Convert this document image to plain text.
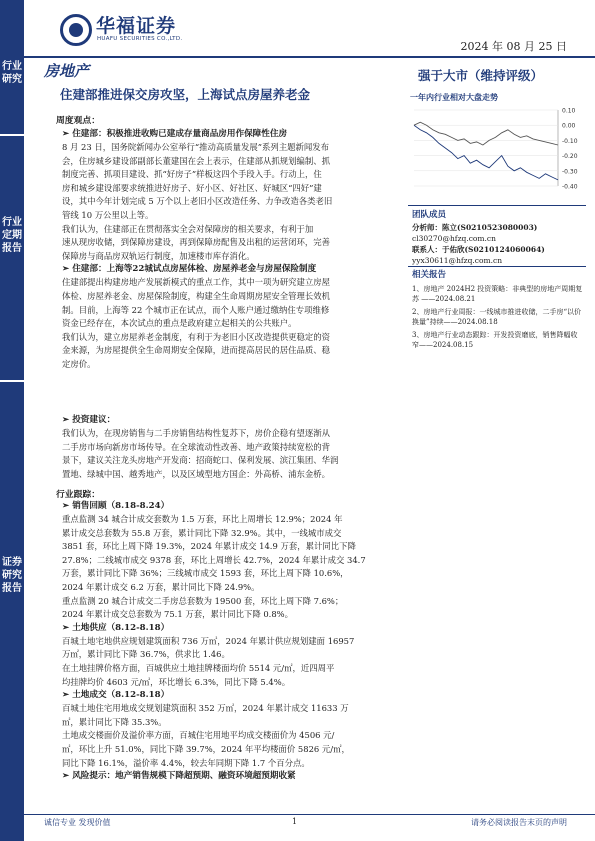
行业研究
行业定期报告
证券研究报告
华福证券
HUAFU SECURITIES CO.,LTD.
2024 年 08 月 25 日
房地产
住建部推进保交房攻坚，上海试点房屋养老金
周度观点：
➢ 住建部：积极推进收购已建成存量商品房用作保障性住房
8 月 23 日，国务院新闻办公室举行“推动高质量发展”系列主题新闻发布
会，住房城乡建设部副部长董建国在会上表示，住建部从抓规划编制、抓
制度完善、抓项目建设、抓“好房子”样板这四个手段入手。行动上，住
房和城乡建设部要求统推进好房子、好小区、好社区、好城区“四好”建
设，其中今年计划完成 5 万个以上老旧小区改造任务、力争改造各类老旧
管线 10 万公里以上等。
我们认为，住建部正在贯彻落实全会对保障房的相关要求，有利于加
速从现房收储，到保障房建设，再到保障房配售及出租的运营闭环，完善
保障房与商品房双轨运行制度，加速楼市库存消化。
➢ 住建部：上海等22城试点房屋体检、房屋养老金与房屋保险制度
住建部提出构建房地产发展新模式的重点工作，其中一项为研究建立房屋
体检、房屋养老金、房屋保险制度，构建全生命周期房屋安全管理长效机
制。目前，上海等 22 个城市正在试点，而个人账户通过缴纳住专项维修
资金已经存在，本次试点的重点是政府建立起相关的公共账户。
我们认为，建立房屋养老金制度，有利于为老旧小区改造提供更稳定的资
金来源，为房屋提供全生命周期安全保障，进而提高居民的居住品质、稳
定房价。
➢ 投资建议：
我们认为，在现房销售与二手房销售结构性复苏下，房价企稳有望逐渐从
二手房市场向新房市场传导。在全球流动性改善、地产政策持续宽松的背
景下，建议关注龙头房地产开发商：招商蛇口、保利发展、滨江集团、华润
置地、绿城中国、越秀地产，以及区域型地方国企：外高桥、浦东金桥。
行业跟踪：
➢ 销售回顾（8.18-8.24）
重点监测 34 城合计成交套数为 1.5 万套，环比上周增长 12.9%；2024 年
累计成交总套数为 55.8 万套，累计同比下降 32.9%。其中，一线城市成交
3851 套，环比上周下降 19.3%，2024 年累计成交 14.9 万套，累计同比下降
27.8%；二线城市成交 9378 套，环比上周增长 42.7%，2024 年累计成交 34.7
万套，累计同比下降 36%；三线城市成交 1593 套，环比上周下降 10.6%，
2024 年累计成交 6.2 万套，累计同比下降 24.9%。
重点监测 20 城合计成交二手房总套数为 19500 套，环比上周下降 7.6%；
2024 年累计成交总套数为 75.1 万套，累计同比下降 0.8%。
➢ 土地供应（8.12-8.18）
百城土地宅地供应规划建筑面积 736 万㎡，2024 年累计供应规划建面 16957
万㎡，累计同比下降 36.7%，供求比 1.46。
在土地挂牌价格方面，百城供应土地挂牌楼面均价 5514 元/㎡，近四周平
均挂牌均价 4603 元/㎡，环比增长 6.3%，同比下降 5.4%。
➢ 土地成交（8.12-8.18）
百城土地住宅用地成交规划建筑面积 352 万㎡，2024 年累计成交 11633 万
㎡，累计同比下降 35.3%。
土地成交楼面价及溢价率方面，百城住宅用地平均成交楼面价为 4506 元/
㎡，环比上升 51.0%，同比下降 39.7%，2024 年平均楼面价 5826 元/㎡，
同比下降 16.1%，溢价率 4.4%，较去年同期下降 1.7 个百分点。
➢ 风险提示：地产销售规模下降超预期、融资环境超预期收紧
强于大市（维持评级）
一年内行业相对大盘走势
0.10
0.00
-0.10
-0.20
-0.30
-0.40
团队成员
分析师：陈立(S0210523080003)
cl30270@hfzq.com.cn
联系人：于佑欣(S0210124060064)
yyx30611@hfzq.com.cn
相关报告
1、房地产 2024H2 投资策略：非典型的房地产周期复苏 ——2024.08.21
2、房地产行业周报：一线城市推进收储，二手房“以价换量”持续——2024.08.18
3、房地产行业动态跟踪：开发投资磨底，销售降幅收窄——2024.08.15
诚信专业 发现价值	1	请务必阅读报告末页的声明
